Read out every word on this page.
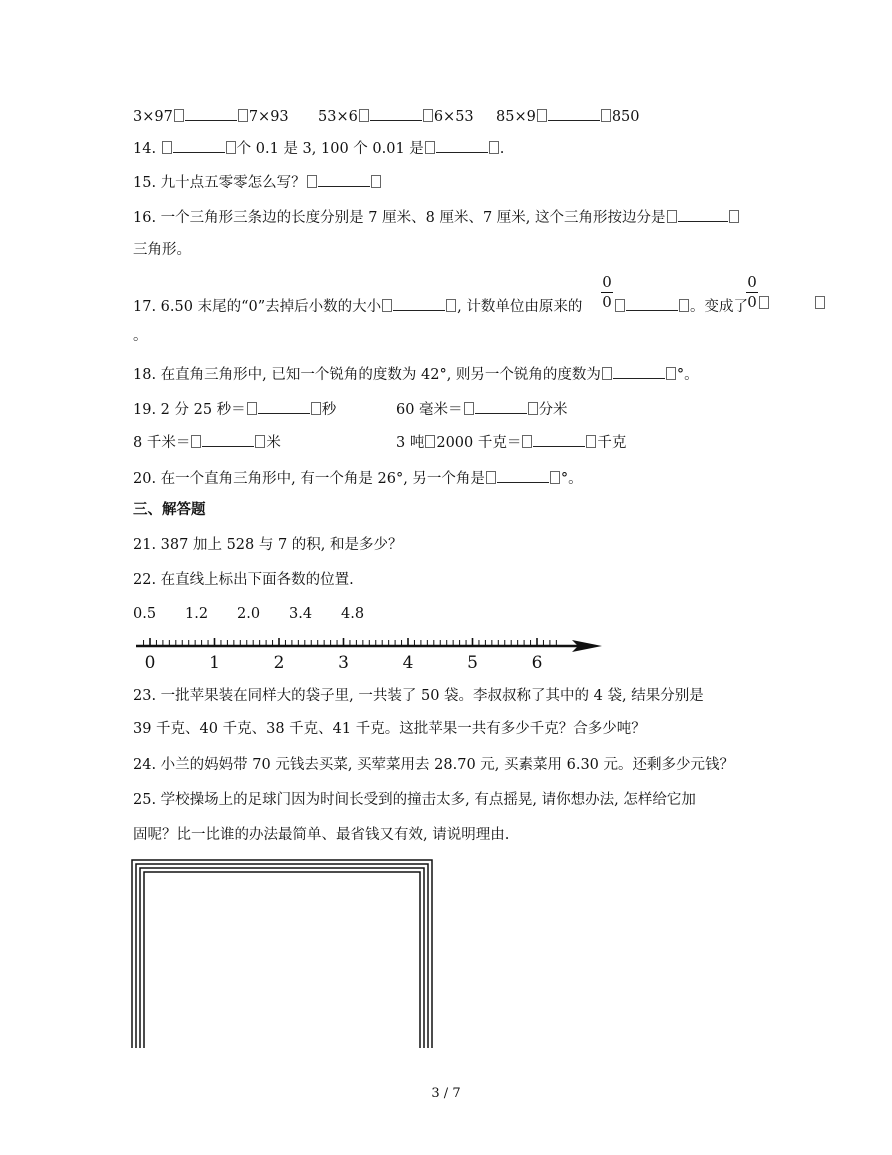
3×97	7×93 53×6	6×53 85×9	850
14.	个 0.1 是 3, 100 个 0.01 是	.
15. 九十点五零零怎么写？
16. 一个三角形三条边的长度分别是 7 厘米、8 厘米、7 厘米, 这个三角形按边分是
三角形。
17. 6.50 末尾的“0”去掉后小数的大小	, 计数单位由原来的
0
0	。变成了
0
0
。
18. 在直角三角形中, 已知一个锐角的度数为 42°, 则另一个锐角的度数为	°。
19. 2 分 25 秒＝	秒	60 毫米＝	分米
8 千米＝	米	3 吨 2000 千克＝	千克
20. 在一个直角三角形中, 有一个角是 26°, 另一个角是	°。
三、解答题
21. 387 加上 528 与 7 的积, 和是多少？
22. 在直线上标出下面各数的位置.
0.5 1.2 2.0 3.4 4.8
0	1	2	3	4	5	6
23. 一批苹果装在同样大的袋子里, 一共装了 50 袋。李叔叔称了其中的 4 袋, 结果分别是
39 千克、40 千克、38 千克、41 千克。这批苹果一共有多少千克？合多少吨？
24. 小兰的妈妈带 70 元钱去买菜, 买荤菜用去 28.70 元, 买素菜用 6.30 元。还剩多少元钱？
25. 学校操场上的足球门因为时间长受到的撞击太多, 有点摇晃, 请你想办法, 怎样给它加
固呢？比一比谁的办法最简单、最省钱又有效, 请说明理由.
3 / 7
